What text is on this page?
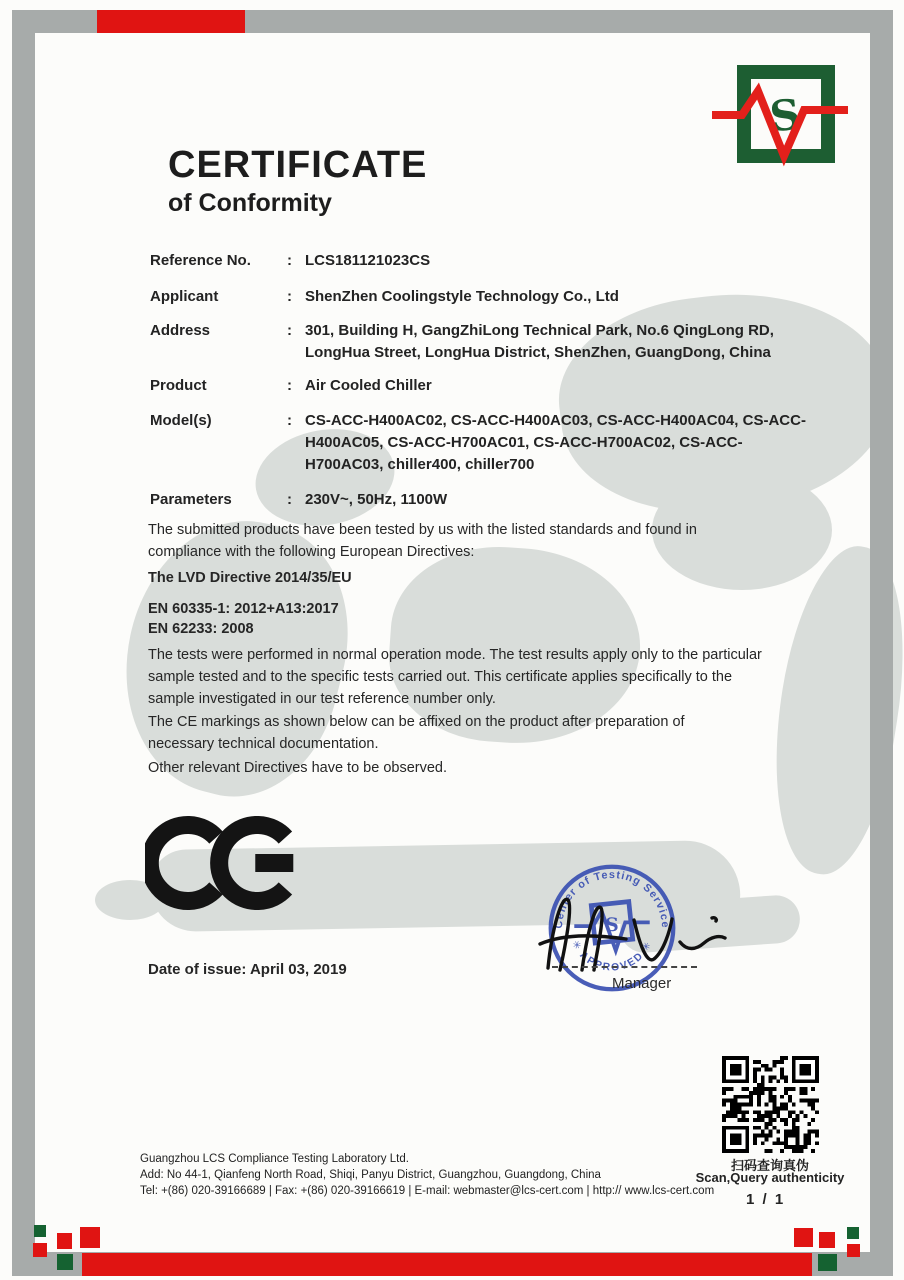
S
CERTIFICATE
of Conformity
Reference No.	: LCS181121023CS
Applicant	: ShenZhen Coolingstyle Technology Co., Ltd
Address	: 301, Building H, GangZhiLong Technical Park, No.6 QingLong RD, LongHua Street, LongHua District, ShenZhen, GuangDong, China
Product	: Air Cooled Chiller
Model(s)	: CS-ACC-H400AC02, CS-ACC-H400AC03, CS-ACC-H400AC04, CS-ACC-H400AC05, CS-ACC-H700AC01, CS-ACC-H700AC02, CS-ACC-H700AC03, chiller400, chiller700
Parameters	: 230V~, 50Hz, 1100W
The submitted products have been tested by us with the listed standards and found in compliance with the following European Directives:
The LVD Directive 2014/35/EU
EN 60335-1: 2012+A13:2017
EN 62233: 2008
The tests were performed in normal operation mode. The test results apply only to the particular sample tested and to the specific tests carried out. This certificate applies specifically to the sample investigated in our test reference number only.
The CE markings as shown below can be affixed on the product after preparation of necessary technical documentation.
Other relevant Directives have to be observed.
Date of issue: April 03, 2019
Center of Testing Service
✳ APPROVED ✳
S
Manager
扫码查询真伪
Scan,Query authenticity
1 / 1
Guangzhou LCS Compliance Testing Laboratory Ltd.
Add: No 44-1, Qianfeng North Road, Shiqi, Panyu District, Guangzhou, Guangdong, China
Tel: +(86) 020-39166689 | Fax: +(86) 020-39166619 | E-mail: webmaster@lcs-cert.com | http:// www.lcs-cert.com
